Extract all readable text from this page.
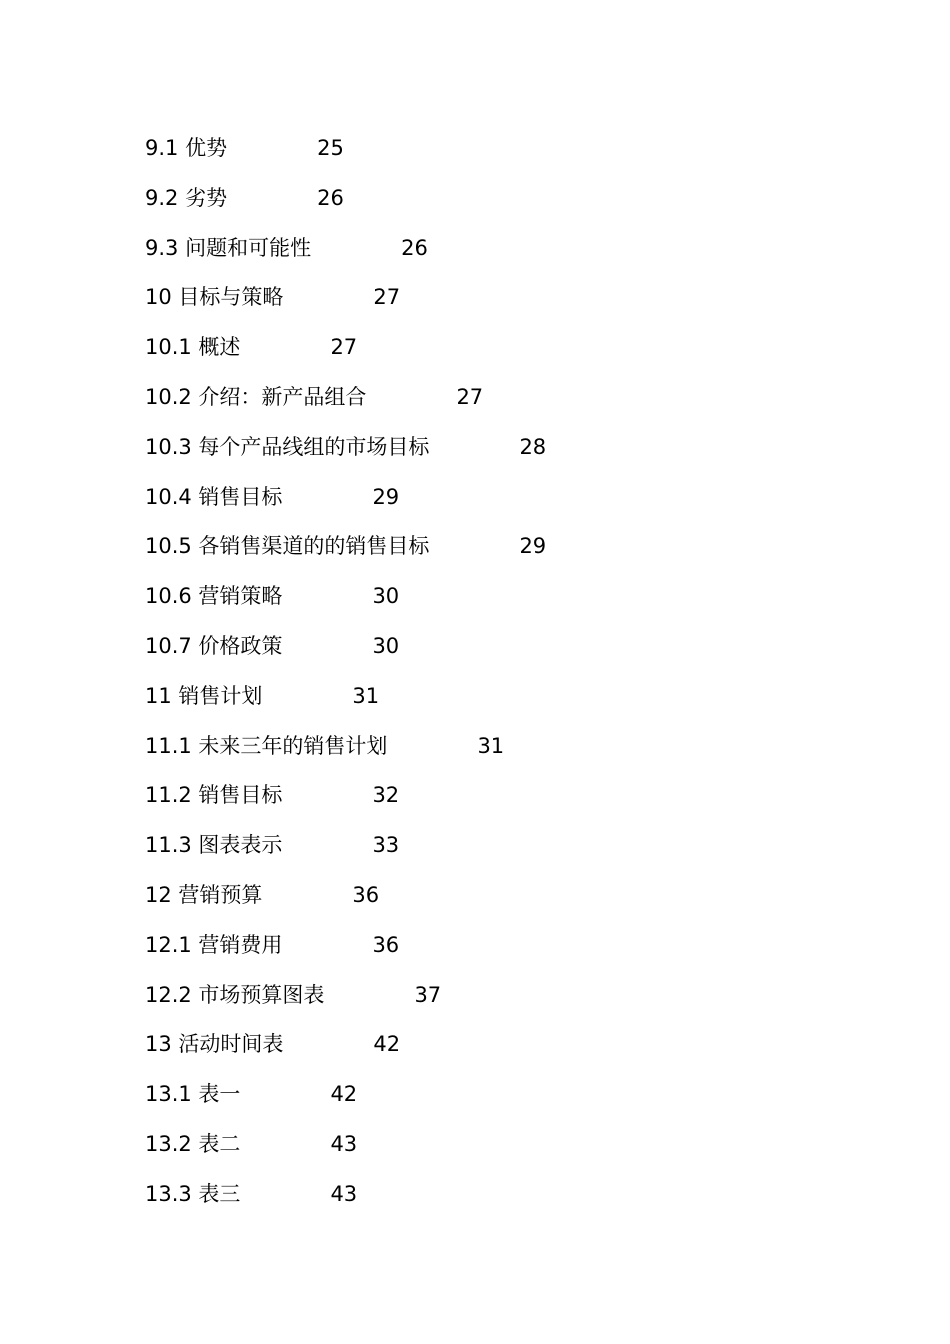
9.1 优势	25
9.2 劣势	26
9.3 问题和可能性	26
10 目标与策略	27
10.1 概述	27
10.2 介绍：新产品组合	27
10.3 每个产品线组的市场目标	28
10.4 销售目标	29
10.5 各销售渠道的的销售目标	29
10.6 营销策略	30
10.7 价格政策	30
11 销售计划	31
11.1 未来三年的销售计划	31
11.2 销售目标	32
11.3 图表表示	33
12 营销预算	36
12.1 营销费用	36
12.2 市场预算图表	37
13 活动时间表	42
13.1 表一	42
13.2 表二	43
13.3 表三	43
